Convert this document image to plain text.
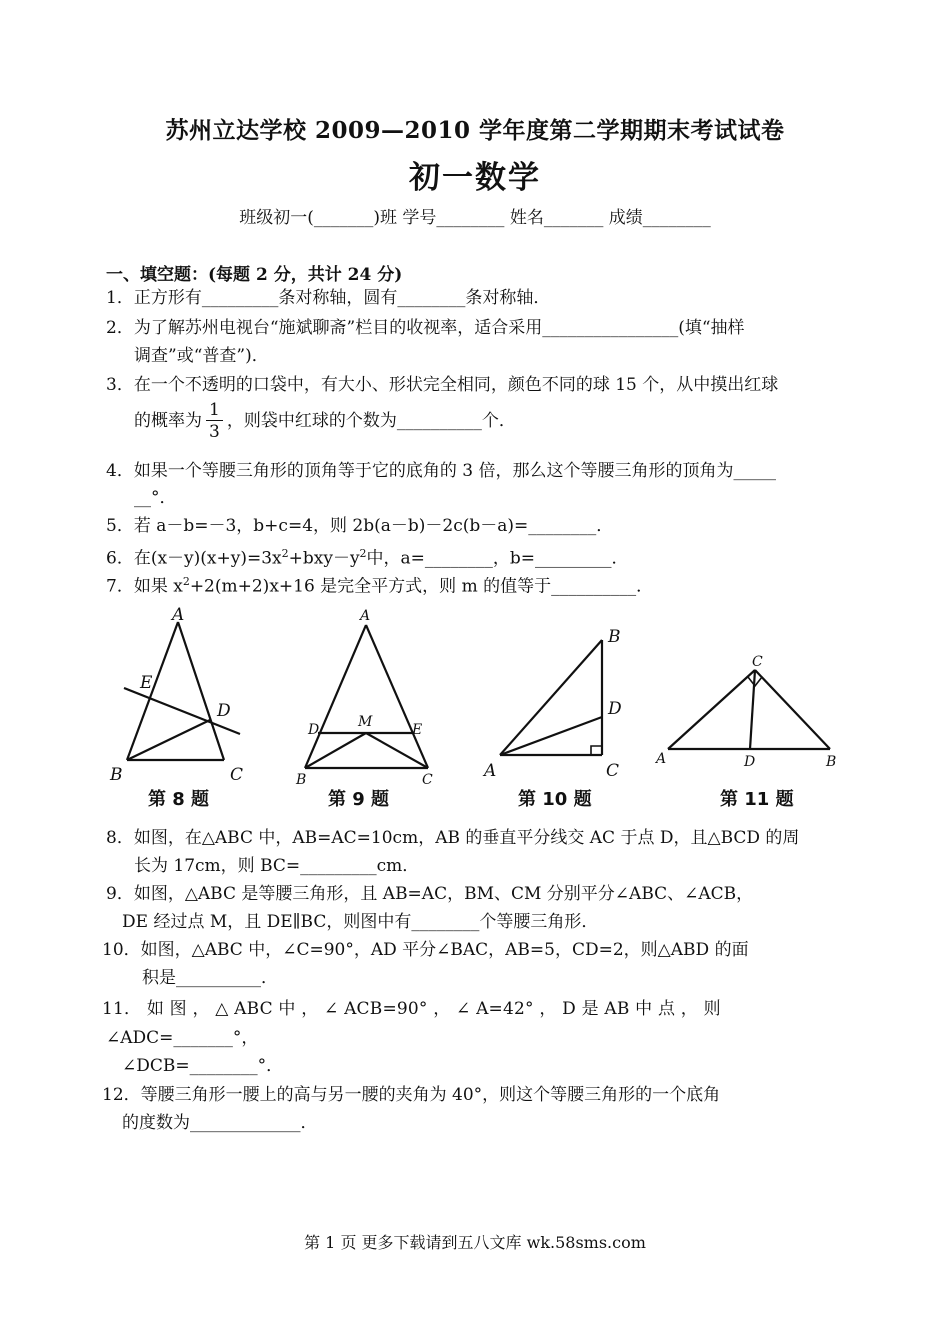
苏州立达学校 2009—2010 学年度第二学期期末考试试卷
初一数学
班级初一(_______)班 学号________ 姓名_______ 成绩________
一、填空题：(每题 2 分，共计 24 分)
1．正方形有_________条对称轴，圆有________条对称轴．
2．为了解苏州电视台“施斌聊斋”栏目的收视率，适合采用________________(填“抽样
调查”或“普查”)．
3．在一个不透明的口袋中，有大小、形状完全相同，颜色不同的球 15 个，从中摸出红球
的概率为 $\frac{1}{3}$ ，则袋中红球的个数为__________个．
4．如果一个等腰三角形的顶角等于它的底角的 3 倍，那么这个等腰三角形的顶角为_____
__°．
5．若 a－b=－3，b+c=4，则 2b(a－b)－2c(b－a)=________．
6．在$(x-y)(x+y)=3x^2+bxy-y^2$中，a=________，b=_________．
7．如果 $x^2+2(m+2)x+16$ 是完全平方式，则 m 的值等于__________．
A
B	C
D
E
第 8 题
A
B	C
D	M	E
第 9 题
B
D
A	C
第 10 题
C
A	D	B
第 11 题
8．如图，在△ABC 中，AB=AC=10cm，AB 的垂直平分线交 AC 于点 D，且△BCD 的周
长为 17cm，则 BC=_________cm．
9．如图，△ABC 是等腰三角形，且 AB=AC，BM、CM 分别平分∠ABC、∠ACB，
DE 经过点 M，且 DE∥BC，则图中有________个等腰三角形．
10．如图，△ABC 中，∠C=90°，AD 平分∠BAC，AB=5，CD=2，则△ABD 的面
积是__________．
11． 如 图 ， △ ABC 中 ， ∠ ACB=90° ， ∠ A=42° ， D 是 AB 中 点 ， 则
∠ADC=_______°，
∠DCB=________°．
12．等腰三角形一腰上的高与另一腰的夹角为 40°，则这个等腰三角形的一个底角
的度数为_____________．
第 1 页 更多下载请到五八文库 wk.58sms.com
